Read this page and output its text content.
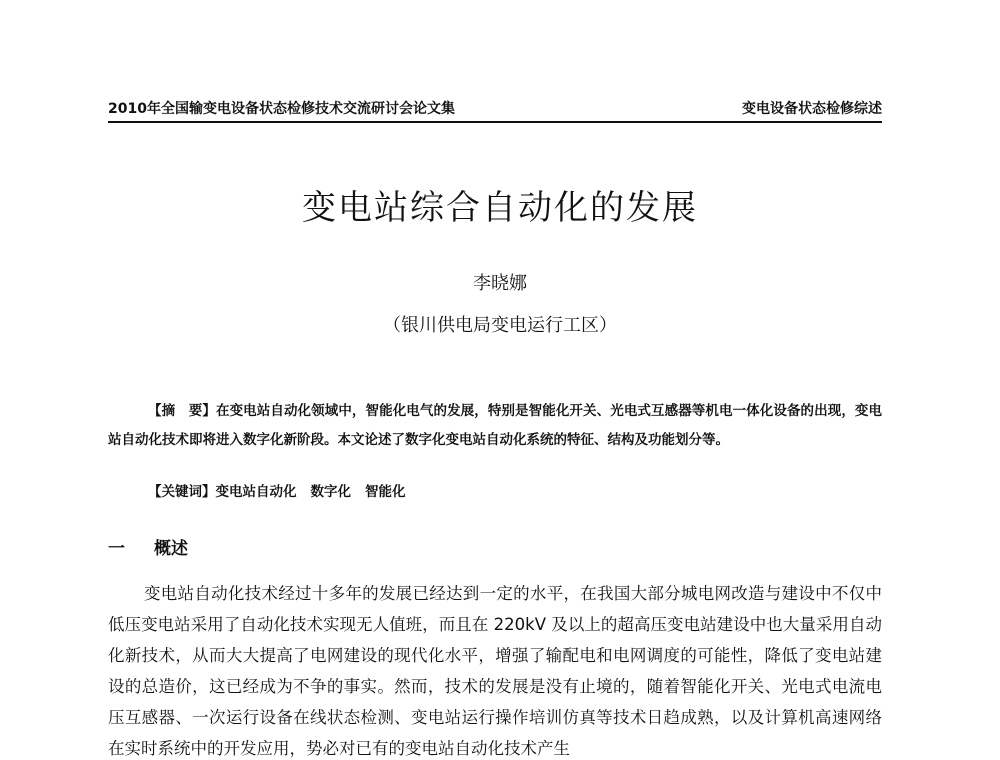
2010年全国输变电设备状态检修技术交流研讨会论文集	变电设备状态检修综述
变电站综合自动化的发展
李晓娜
（银川供电局变电运行工区）

【摘　要】在变电站自动化领域中，智能化电气的发展，特别是智能化开关、光电式互感器等机电一体化设备的出现，变电站自动化技术即将进入数字化新阶段。本文论述了数字化变电站自动化系统的特征、结构及功能划分等。

【关键词】变电站自动化 数字化 智能化
一 概述

变电站自动化技术经过十多年的发展已经达到一定的水平，在我国大部分城电网改造与建设中不仅中低压变电站采用了自动化技术实现无人值班，而且在 220kV 及以上的超高压变电站建设中也大量采用自动化新技术，从而大大提高了电网建设的现代化水平，增强了输配电和电网调度的可能性，降低了变电站建设的总造价，这已经成为不争的事实。然而，技术的发展是没有止境的，随着智能化开关、光电式电流电压互感器、一次运行设备在线状态检测、变电站运行操作培训仿真等技术日趋成熟，以及计算机高速网络在实时系统中的开发应用，势必对已有的变电站自动化技术产生
